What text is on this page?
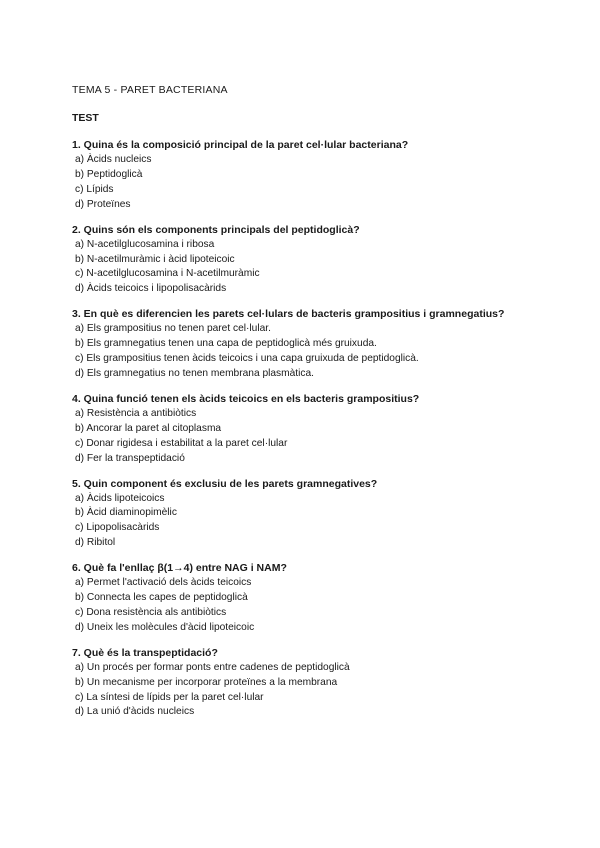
TEMA 5 - PARET BACTERIANA
TEST
1. Quina és la composició principal de la paret cel·lular bacteriana?
a) Àcids nucleics
b) Peptidoglicà
c) Lípids
d) Proteïnes
2. Quins són els components principals del peptidoglicà?
a) N-acetilglucosamina i ribosa
b) N-acetilmuràmic i àcid lipoteicoic
c) N-acetilglucosamina i N-acetilmuràmic
d) Àcids teicoics i lipopolisacàrids
3. En què es diferencien les parets cel·lulars de bacteris grampositius i gramnegatius?
a) Els grampositius no tenen paret cel·lular.
b) Els gramnegatius tenen una capa de peptidoglicà més gruixuda.
c) Els grampositius tenen àcids teicoics i una capa gruixuda de peptidoglicà.
d) Els gramnegatius no tenen membrana plasmàtica.
4. Quina funció tenen els àcids teicoics en els bacteris grampositius?
a) Resistència a antibiòtics
b) Ancorar la paret al citoplasma
c) Donar rigidesa i estabilitat a la paret cel·lular
d) Fer la transpeptidació
5. Quin component és exclusiu de les parets gramnegatives?
a) Àcids lipoteicoics
b) Àcid diaminopimèlic
c) Lipopolisacàrids
d) Ribitol
6. Què fa l'enllaç β(1→4) entre NAG i NAM?
a) Permet l'activació dels àcids teicoics
b) Connecta les capes de peptidoglicà
c) Dona resistència als antibiòtics
d) Uneix les molècules d'àcid lipoteicoic
7. Què és la transpeptidació?
a) Un procés per formar ponts entre cadenes de peptidoglicà
b) Un mecanisme per incorporar proteïnes a la membrana
c) La síntesi de lípids per la paret cel·lular
d) La unió d'àcids nucleics
